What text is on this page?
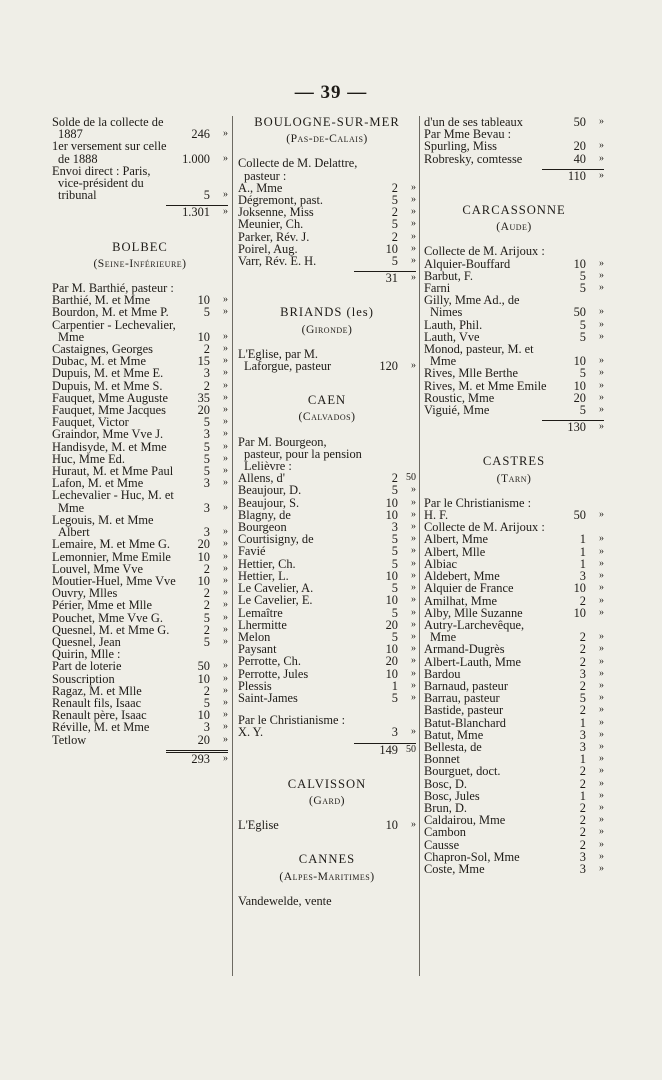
— 39 —
Solde de la collecte de 1887	246	»
1er versement sur celle de 1888	1.000	»
Envoi direct : Paris, vice-président du tribunal	5	»
1.301	»
BOLBEC
(Seine-Inférieure)
Par M. Barthié, pasteur :
Barthié, M. et Mme	10	»
Bourdon, M. et Mme P.	5	»
Carpentier - Lechevalier, Mme	10	»
Castaignes, Georges	2	»
Dubac, M. et Mme	15	»
Dupuis, M. et Mme E.	3	»
Dupuis, M. et Mme S.	2	»
Fauquet, Mme Auguste	35	»
Fauquet, Mme Jacques	20	»
Fauquet, Victor	5	»
Graindor, Mme Vve J.	3	»
Handisyde, M. et Mme	5	»
Huc, Mme Ed.	5	»
Huraut, M. et Mme Paul	5	»
Lafon, M. et Mme	3	»
Lechevalier - Huc, M. et Mme	3	»
Legouis, M. et Mme Albert	3	»
Lemaire, M. et Mme G.	20	»
Lemonnier, Mme Emile	10	»
Louvel, Mme Vve	2	»
Moutier-Huel, Mme Vve	10	»
Ouvry, Mlles	2	»
Périer, Mme et Mlle	2	»
Pouchet, Mme Vve G.	5	»
Quesnel, M. et Mme G.	2	»
Quesnel, Jean	5	»
Quirin, Mlle :
Part de loterie	50	»
Souscription	10	»
Ragaz, M. et Mlle	2	»
Renault fils, Isaac	5	»
Renault père, Isaac	10	»
Réville, M. et Mme	3	»
Tetlow	20	»
293	»
BOULOGNE-SUR-MER
(Pas-de-Calais)
Collecte de M. Delattre, pasteur :
A., Mme	2	»
Dégremont, past.	5	»
Joksenne, Miss	2	»
Meunier, Ch.	5	»
Parker, Rév. J.	2	»
Poirel, Aug.	10	»
Varr, Rév. E. H.	5	»
31	»
BRIANDS (les)
(Gironde)
L'Eglise, par M. Laforgue, pasteur	120	»
CAEN
(Calvados)
Par M. Bourgeon, pasteur, pour la pension Lelièvre :
Allens, d'	2 50
Beaujour, D.	5	»
Beaujour, S.	10	»
Blagny, de	10	»
Bourgeon	3	»
Courtisigny, de	5	»
Favié	5	»
Hettier, Ch.	5	»
Hettier, L.	10	»
Le Cavelier, A.	5	»
Le Cavelier, E.	10	»
Lemaître	5	»
Lhermitte	20	»
Melon	5	»
Paysant	10	»
Perrotte, Ch.	20	»
Perrotte, Jules	10	»
Plessis	1	»
Saint-James	5	»
Par le Christianisme :
X. Y.	3	»
149 50
CALVISSON
(Gard)
L'Eglise	10	»
CANNES
(Alpes-Maritimes)
Vandewelde, vente
d'un de ses tableaux	50	»
Par Mme Bevau :
Spurling, Miss	20	»
Robresky, comtesse	40	»
110	»
CARCASSONNE
(Aude)
Collecte de M. Arijoux :
Alquier-Bouffard	10	»
Barbut, F.	5	»
Farni	5	»
Gilly, Mme Ad., de Nimes	50	»
Lauth, Phil.	5	»
Lauth, Vve	5	»
Monod, pasteur, M. et Mme	10	»
Rives, Mlle Berthe	5	»
Rives, M. et Mme Emile	10	»
Roustic, Mme	20	»
Viguié, Mme	5	»
130	»
CASTRES
(Tarn)
Par le Christianisme :
H. F.	50	»
Collecte de M. Arijoux :
Albert, Mme	1	»
Albert, Mlle	1	»
Albiac	1	»
Aldebert, Mme	3	»
Alquier de France	10	»
Amilhat, Mme	2	»
Alby, Mlle Suzanne	10	»
Autry-Larchevêque, Mme	2	»
Armand-Dugrès	2	»
Albert-Lauth, Mme	2	»
Bardou	3	»
Barnaud, pasteur	2	»
Barrau, pasteur	5	»
Bastide, pasteur	2	»
Batut-Blanchard	1	»
Batut, Mme	3	»
Bellesta, de	3	»
Bonnet	1	»
Bourguet, doct.	2	»
Bosc, D.	2	»
Bosc, Jules	1	»
Brun, D.	2	»
Caldairou, Mme	2	»
Cambon	2	»
Causse	2	»
Chapron-Sol, Mme	3	»
Coste, Mme	3	»
